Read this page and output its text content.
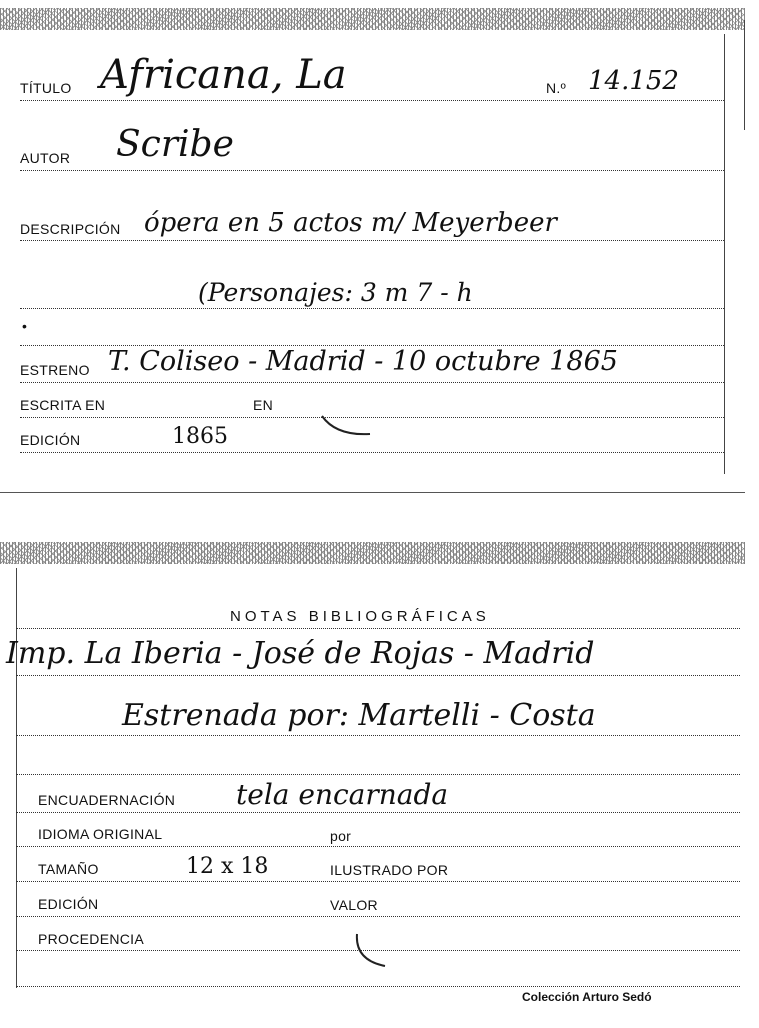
TÍTULO Africana, La	N.º 14.152
AUTOR Scribe
DESCRIPCIÓN ópera en 5 actos m/ Meyerbeer
(Personajes: 3 m 7 - h
•
ESTRENO T. Coliseo - Madrid - 10 octubre 1865
ESCRITA EN	EN
EDICIÓN	1865
NOTAS BIBLIOGRÁFICAS
Imp. La Iberia - José de Rojas - Madrid
Estrenada por: Martelli - Costa
ENCUADERNACIÓN tela encarnada
IDIOMA ORIGINAL	por
TAMAÑO	12 x 18	ILUSTRADO POR
EDICIÓN	VALOR
PROCEDENCIA
Colección Arturo Sedó
